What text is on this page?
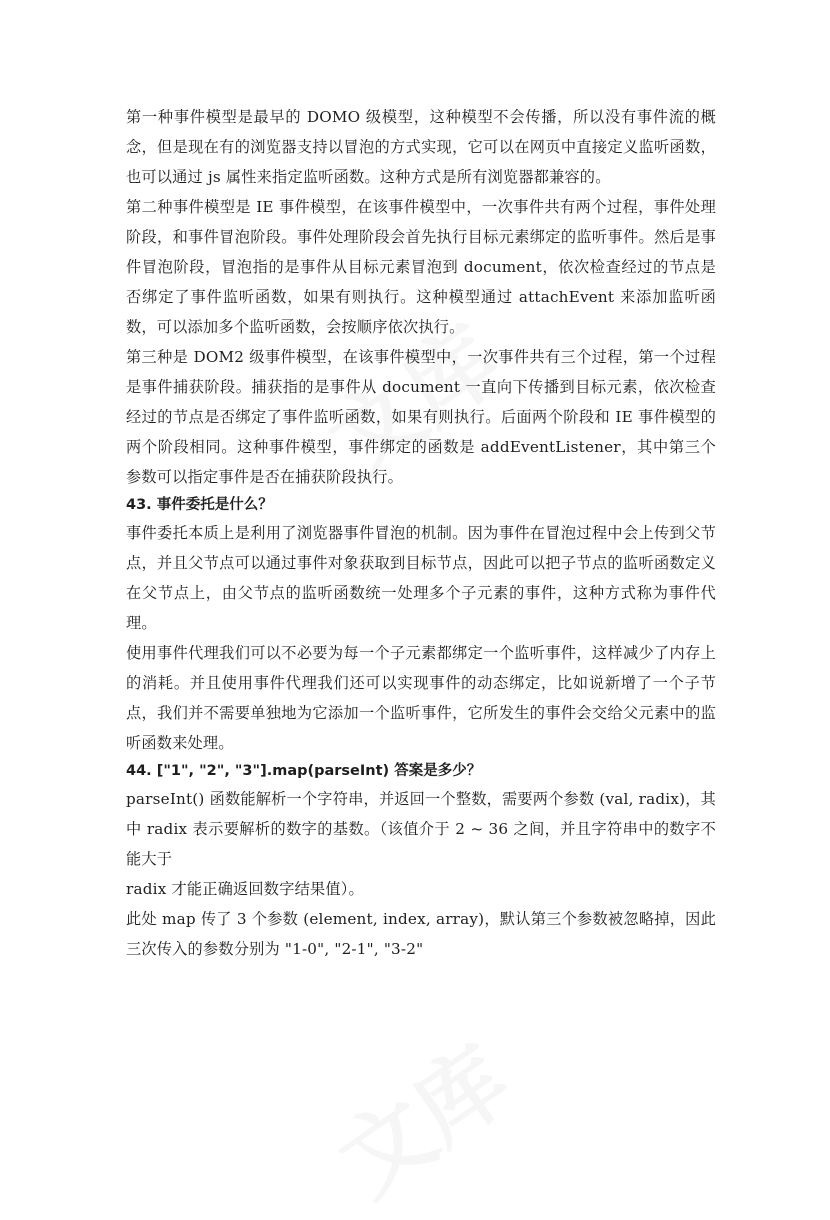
第一种事件模型是最早的 DOMO 级模型，这种模型不会传播，所以没有事件流的概念，但是现在有的浏览器支持以冒泡的方式实现，它可以在网页中直接定义监听函数，也可以通过 js 属性来指定监听函数。这种方式是所有浏览器都兼容的。

第二种事件模型是 IE 事件模型，在该事件模型中，一次事件共有两个过程，事件处理阶段，和事件冒泡阶段。事件处理阶段会首先执行目标元素绑定的监听事件。然后是事件冒泡阶段，冒泡指的是事件从目标元素冒泡到 document，依次检查经过的节点是否绑定了事件监听函数，如果有则执行。这种模型通过 attachEvent 来添加监听函数，可以添加多个监听函数，会按顺序依次执行。

第三种是 DOM2 级事件模型，在该事件模型中，一次事件共有三个过程，第一个过程是事件捕获阶段。捕获指的是事件从 document 一直向下传播到目标元素，依次检查经过的节点是否绑定了事件监听函数，如果有则执行。后面两个阶段和 IE 事件模型的两个阶段相同。这种事件模型，事件绑定的函数是 addEventListener，其中第三个参数可以指定事件是否在捕获阶段执行。

43. 事件委托是什么？

事件委托本质上是利用了浏览器事件冒泡的机制。因为事件在冒泡过程中会上传到父节点，并且父节点可以通过事件对象获取到目标节点，因此可以把子节点的监听函数定义在父节点上，由父节点的监听函数统一处理多个子元素的事件，这种方式称为事件代理。

使用事件代理我们可以不必要为每一个子元素都绑定一个监听事件，这样减少了内存上的消耗。并且使用事件代理我们还可以实现事件的动态绑定，比如说新增了一个子节点，我们并不需要单独地为它添加一个监听事件，它所发生的事件会交给父元素中的监听函数来处理。

44. ["1", "2", "3"].map(parseInt) 答案是多少？

parseInt() 函数能解析一个字符串，并返回一个整数，需要两个参数 (val, radix)，其中 radix 表示要解析的数字的基数。（该值介于 2 ~ 36 之间，并且字符串中的数字不能大于

radix 才能正确返回数字结果值）。

此处 map 传了 3 个参数 (element, index, array)，默认第三个参数被忽略掉，因此三次传入的参数分别为 "1-0", "2-1", "3-2"
